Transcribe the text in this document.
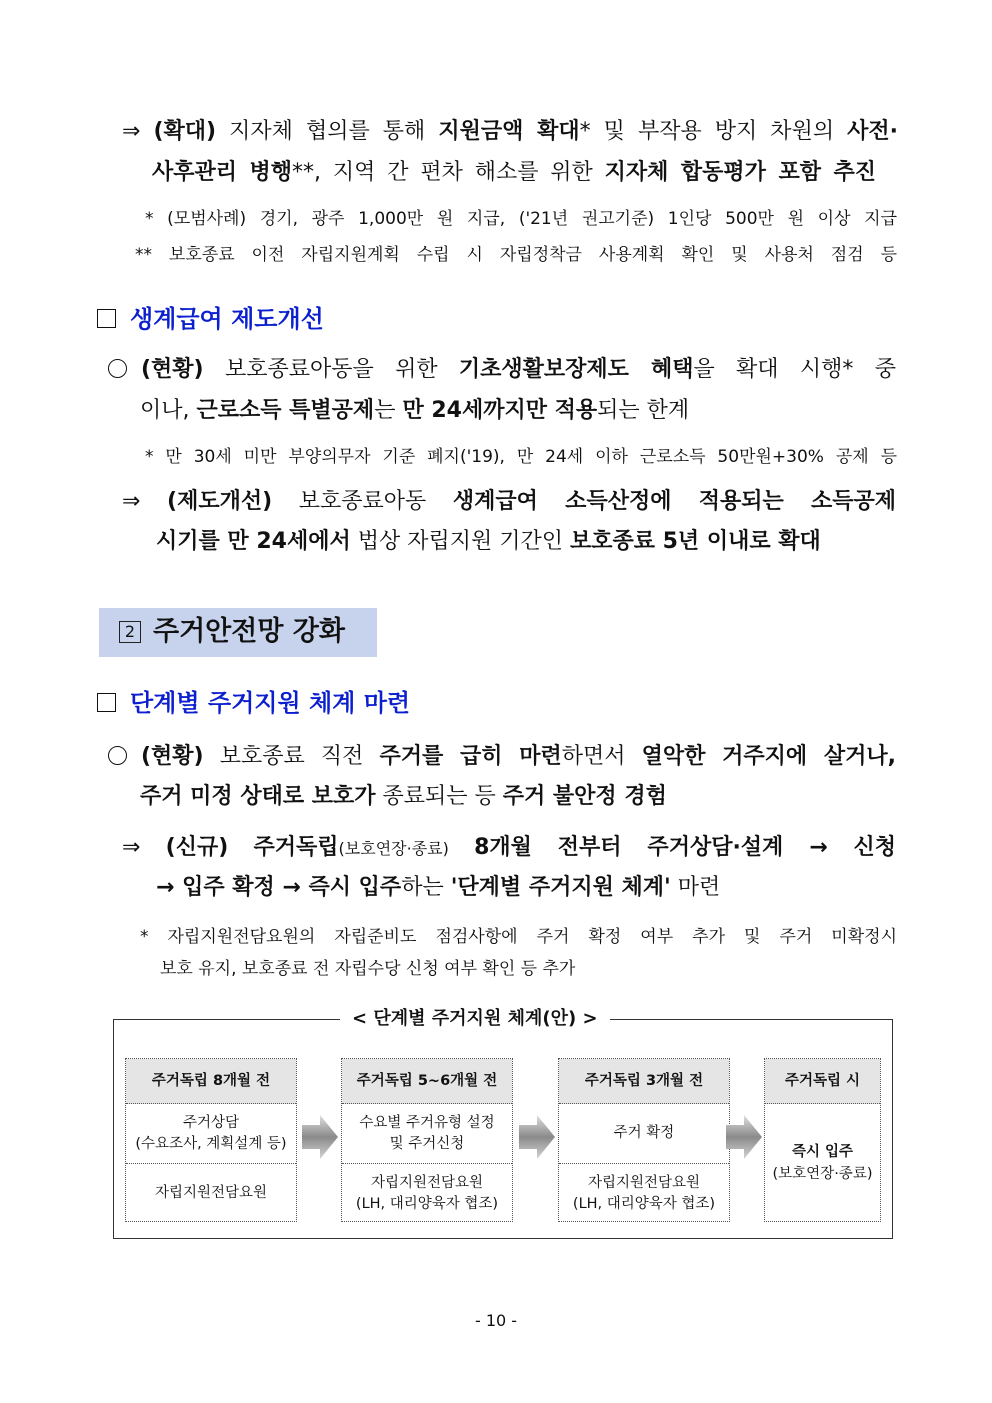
⇒ (확대) 지자체 협의를 통해 지원금액 확대* 및 부작용 방지 차원의 사전·
사후관리 병행**, 지역 간 편차 해소를 위한 지자체 합동평가 포함 추진
* (모범사례) 경기, 광주 1,000만 원 지급, ('21년 권고기준) 1인당 500만 원 이상 지급
** 보호종료 이전 자립지원계획 수립 시 자립정착금 사용계획 확인 및 사용처 점검 등
생계급여 제도개선
(현황) 보호종료아동을 위한 기초생활보장제도 혜택을 확대 시행* 중
이나, 근로소득 특별공제는 만 24세까지만 적용되는 한계
* 만 30세 미만 부양의무자 기준 폐지('19), 만 24세 이하 근로소득 50만원+30% 공제 등
⇒ (제도개선) 보호종료아동 생계급여 소득산정에 적용되는 소득공제
시기를 만 24세에서 법상 자립지원 기간인 보호종료 5년 이내로 확대
2 주거안전망 강화
단계별 주거지원 체계 마련
(현황) 보호종료 직전 주거를 급히 마련하면서 열악한 거주지에 살거나,
주거 미정 상태로 보호가 종료되는 등 주거 불안정 경험
⇒ (신규) 주거독립(보호연장·종료) 8개월 전부터 주거상담·설계 → 신청
→ 입주 확정 → 즉시 입주하는 '단계별 주거지원 체계' 마련
* 자립지원전담요원의 자립준비도 점검사항에 주거 확정 여부 추가 및 주거 미확정시
보호 유지, 보호종료 전 자립수당 신청 여부 확인 등 추가
주거독립 8개월 전
주거상담
(수요조사, 계획설계 등)
자립지원전담요원
주거독립 5~6개월 전
수요별 주거유형 설정
및 주거신청
자립지원전담요원
(LH, 대리양육자 협조)
주거독립 3개월 전
주거 확정
자립지원전담요원
(LH, 대리양육자 협조)
주거독립 시
즉시 입주
(보호연장·종료)
< 단계별 주거지원 체계(안) >
- 10 -
